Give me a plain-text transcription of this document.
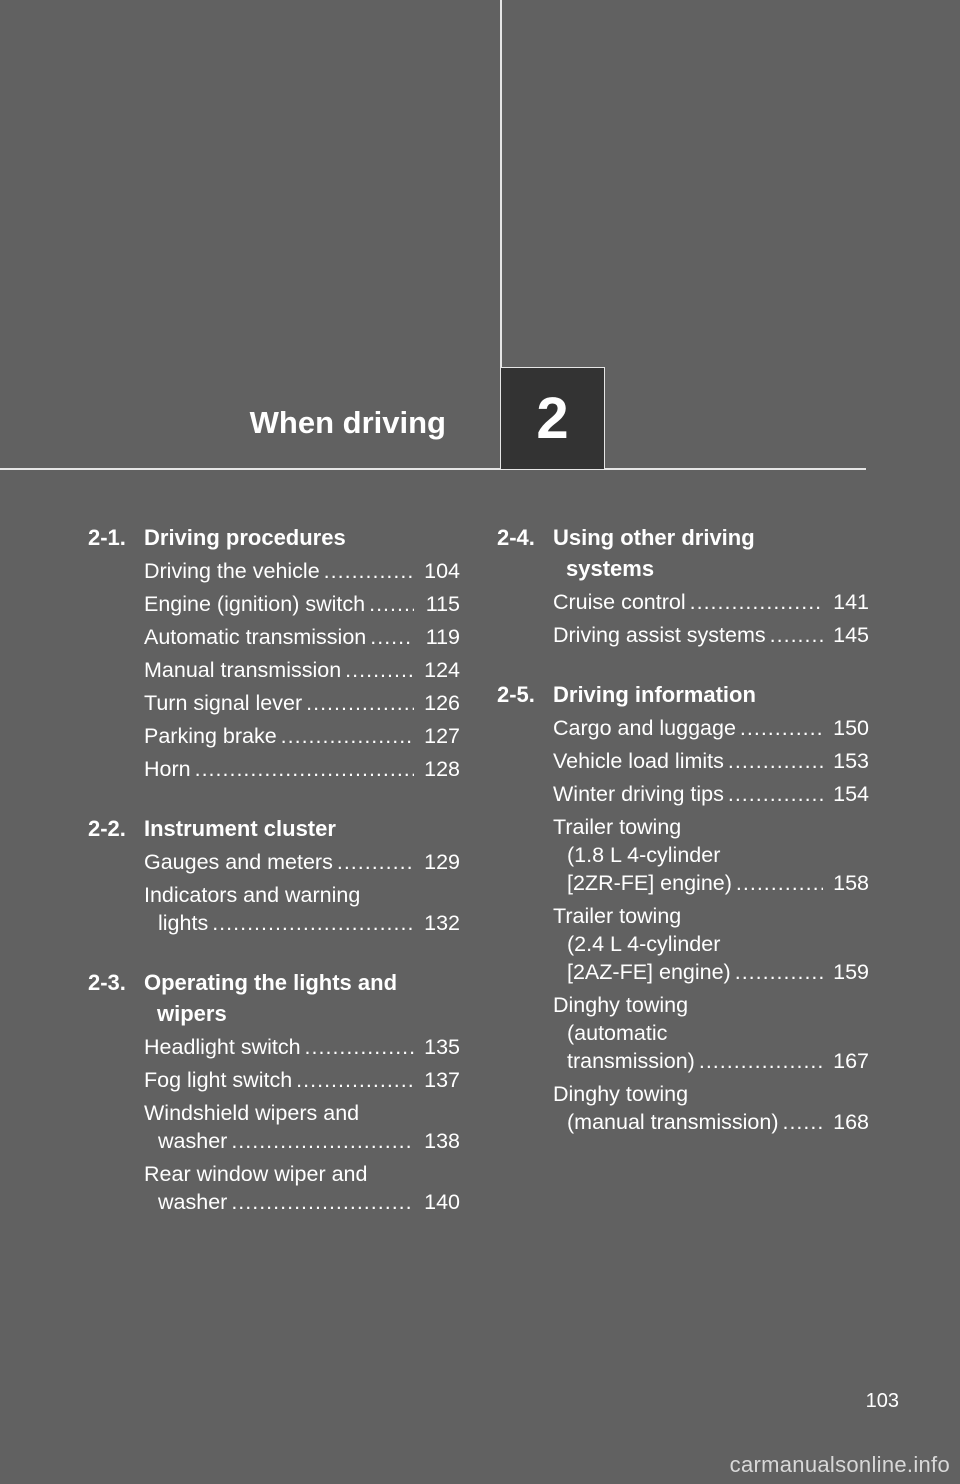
When driving 2
2-1. Driving procedures
Driving the vehicle .....	104
Engine (ignition) switch .....	115
Automatic transmission .....	119
Manual transmission .....	124
Turn signal lever .....	126
Parking brake .....	127
Horn .....	128
2-2. Instrument cluster
Gauges and meters .....	129
Indicators and warning
lights .....	132
2-3. Operating the lights and
wipers
Headlight switch .....	135
Fog light switch .....	137
Windshield wipers and
washer .....	138
Rear window wiper and
washer .....	140
2-4. Using other driving
systems
Cruise control .....	141
Driving assist systems .....	145
2-5. Driving information
Cargo and luggage .....	150
Vehicle load limits .....	153
Winter driving tips .....	154
Trailer towing
(1.8 L 4-cylinder
[2ZR-FE] engine) .....	158
Trailer towing
(2.4 L 4-cylinder
[2AZ-FE] engine) .....	159
Dinghy towing
(automatic
transmission) .....	167
Dinghy towing
(manual transmission) .....	168
103
carmanualsonline.info
